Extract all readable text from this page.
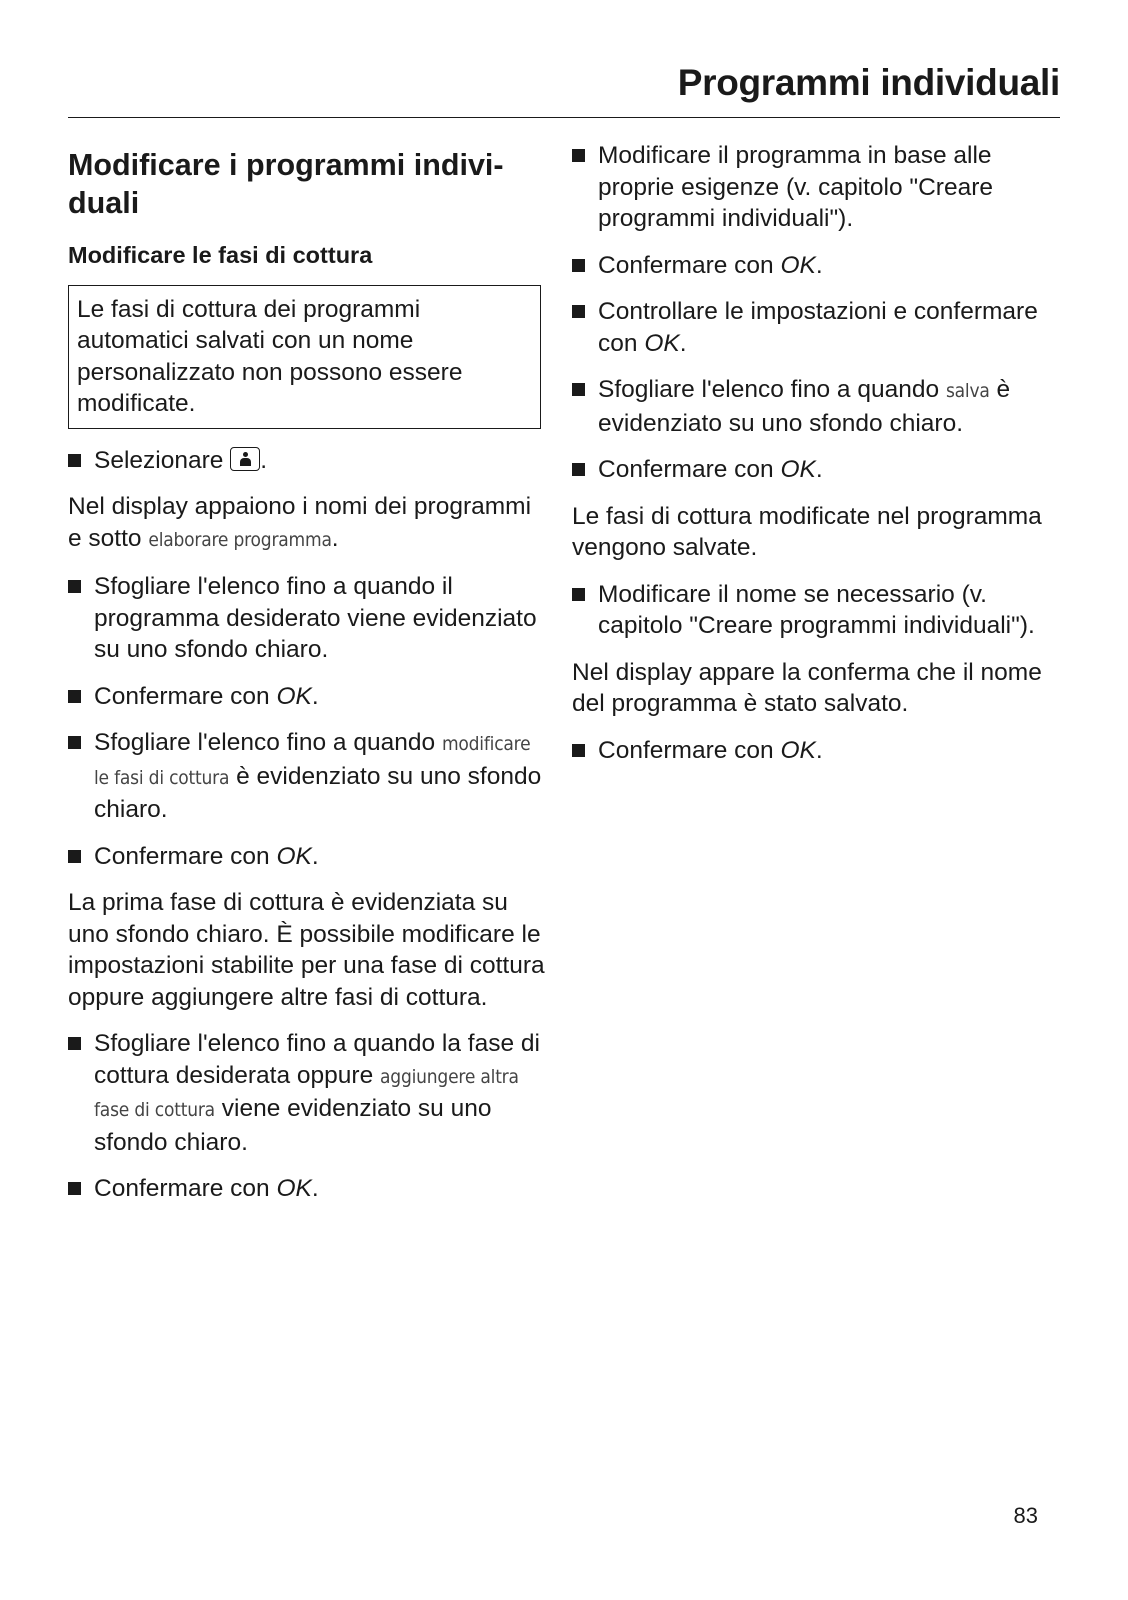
Programmi individuali
Modificare i programmi indivi-
duali
Modificare le fasi di cottura
Le fasi di cottura dei programmi automatici salvati con un nome personalizzato non possono essere modificate.
Selezionare .

Nel display appaiono i nomi dei programmi e sotto elaborare programma.

Sfogliare l'elenco fino a quando il programma desiderato viene evidenziato su uno sfondo chiaro.
Confermare con OK.
Sfogliare l'elenco fino a quando modificare le fasi di cottura è evidenziato su uno sfondo chiaro.
Confermare con OK.

La prima fase di cottura è evidenziata su uno sfondo chiaro. È possibile modificare le impostazioni stabilite per una fase di cottura oppure aggiungere altre fasi di cottura.

Sfogliare l'elenco fino a quando la fase di cottura desiderata oppure aggiungere altra fase di cottura viene evidenziato su uno sfondo chiaro.
Confermare con OK.
Modificare il programma in base alle proprie esigenze (v. capitolo "Creare programmi individuali").
Confermare con OK.
Controllare le impostazioni e confermare con OK.
Sfogliare l'elenco fino a quando salva è evidenziato su uno sfondo chiaro.
Confermare con OK.

Le fasi di cottura modificate nel programma vengono salvate.

Modificare il nome se necessario (v. capitolo "Creare programmi individuali").

Nel display appare la conferma che il nome del programma è stato salvato.

Confermare con OK.
83
